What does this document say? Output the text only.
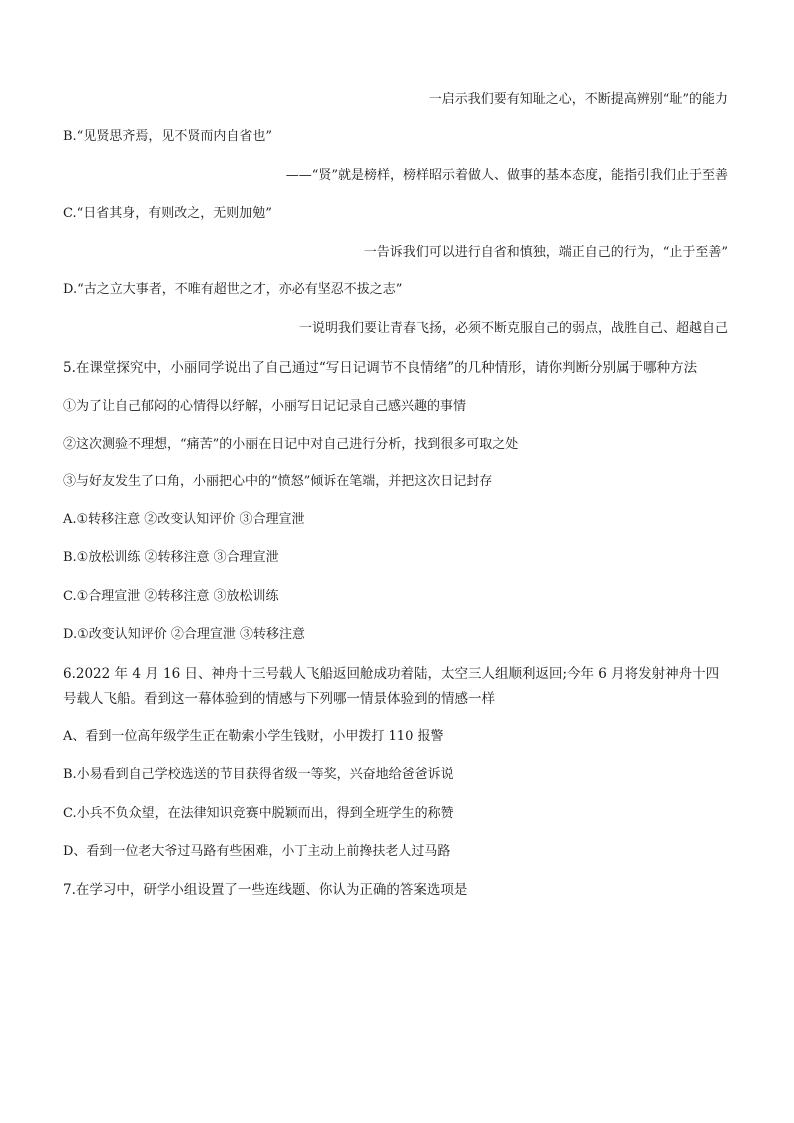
一启示我们要有知耻之心，不断提高辨别“耻”的能力
B.“见贤思齐焉，见不贤而内自省也”
——“贤”就是榜样，榜样昭示着做人、做事的基本态度，能指引我们止于至善
C.“日省其身，有则改之，无则加勉”
一告诉我们可以进行自省和慎独，端正自己的行为，“止于至善”
D.“古之立大事者，不唯有超世之才，亦必有坚忍不拔之志”
一说明我们要让青春飞扬，必须不断克服自己的弱点，战胜自己、超越自己
5.在课堂探究中，小丽同学说出了自己通过“写日记调节不良情绪”的几种情形，请你判断分别属于哪种方法
①为了让自己郁闷的心情得以纾解，小丽写日记记录自己感兴趣的事情
②这次测验不理想，“痛苦”的小丽在日记中对自己进行分析，找到很多可取之处
③与好友发生了口角，小丽把心中的“愤怒”倾诉在笔端，并把这次日记封存
A.①转移注意 ②改变认知评价 ③合理宣泄
B.①放松训练 ②转移注意 ③合理宣泄
C.①合理宣泄 ②转移注意 ③放松训练
D.①改变认知评价 ②合理宣泄 ③转移注意
6.2022 年 4 月 16 日、神舟十三号载人飞船返回舱成功着陆，太空三人组顺利返回;今年 6 月将发射神舟十四
号载人飞船。看到这一幕体验到的情感与下列哪一情景体验到的情感一样
A、看到一位高年级学生正在勒索小学生钱财，小甲拨打 110 报警
B.小易看到自己学校选送的节目获得省级一等奖，兴奋地给爸爸诉说
C.小兵不负众望，在法律知识竞赛中脱颖而出，得到全班学生的称赞
D、看到一位老大爷过马路有些困难，小丁主动上前搀扶老人过马路
7.在学习中，研学小组设置了一些连线题、你认为正确的答案选项是
